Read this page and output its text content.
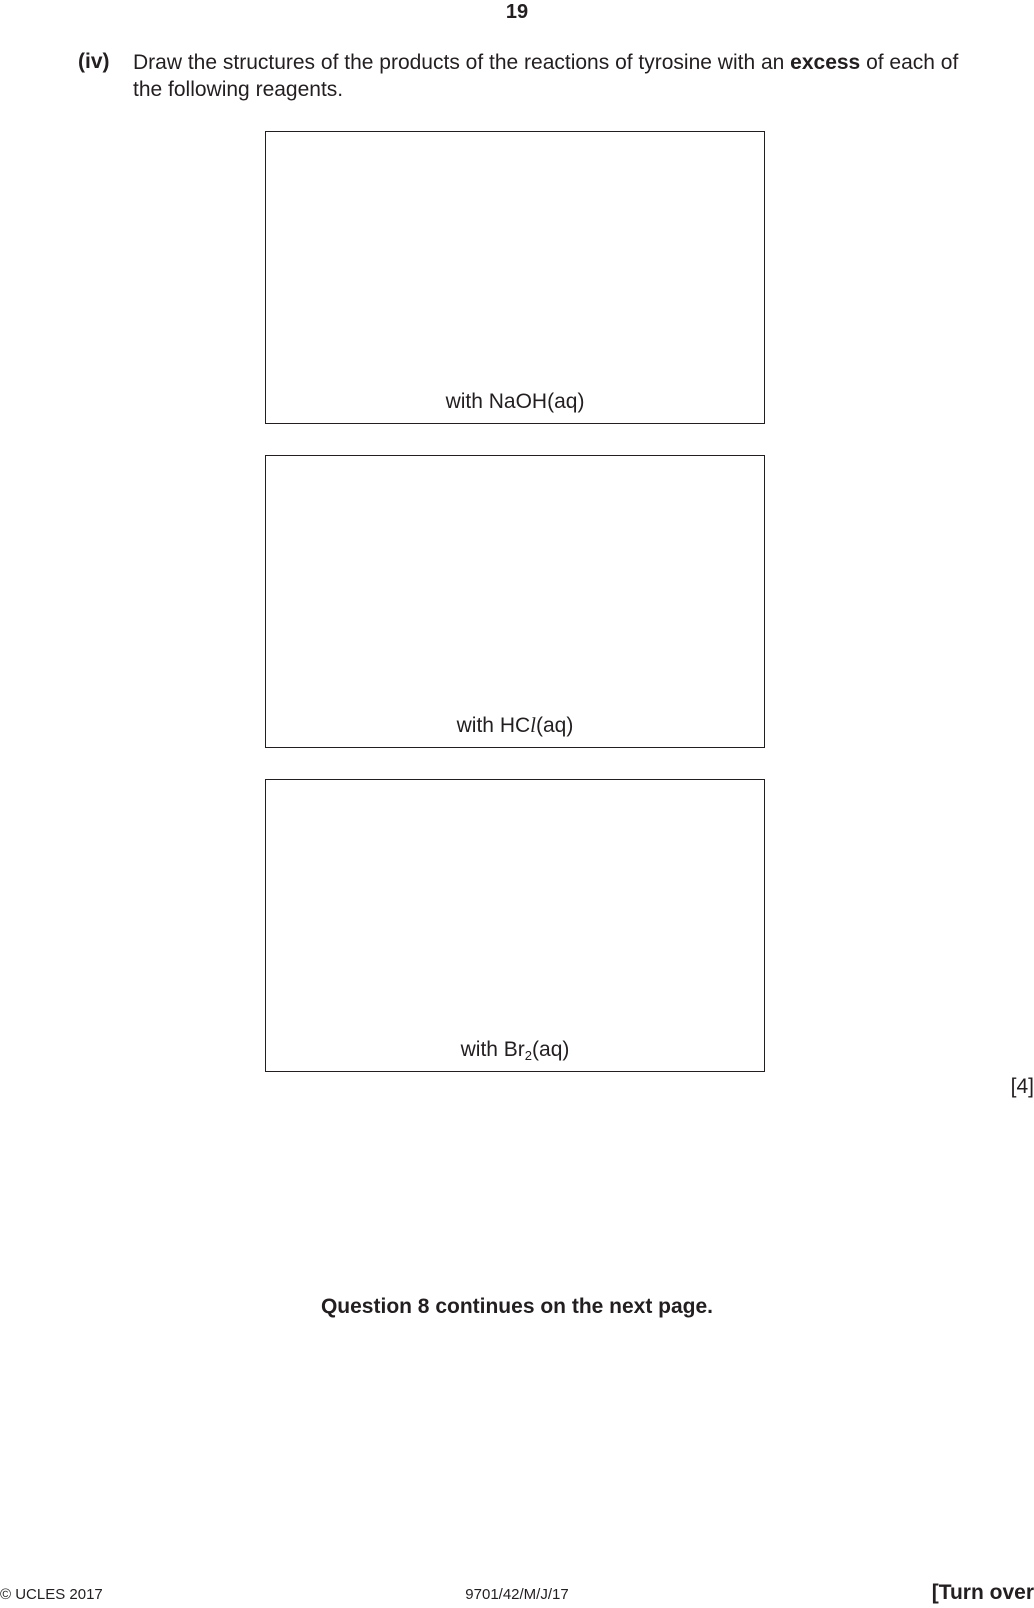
19
(iv) Draw the structures of the products of the reactions of tyrosine with an excess of each of
the following reagents.
with NaOH(aq)
with HCl(aq)
with $Br_2(aq)$
[4]
Question 8 continues on the next page.
© UCLES 2017	9701/42/M/J/17	[Turn over
